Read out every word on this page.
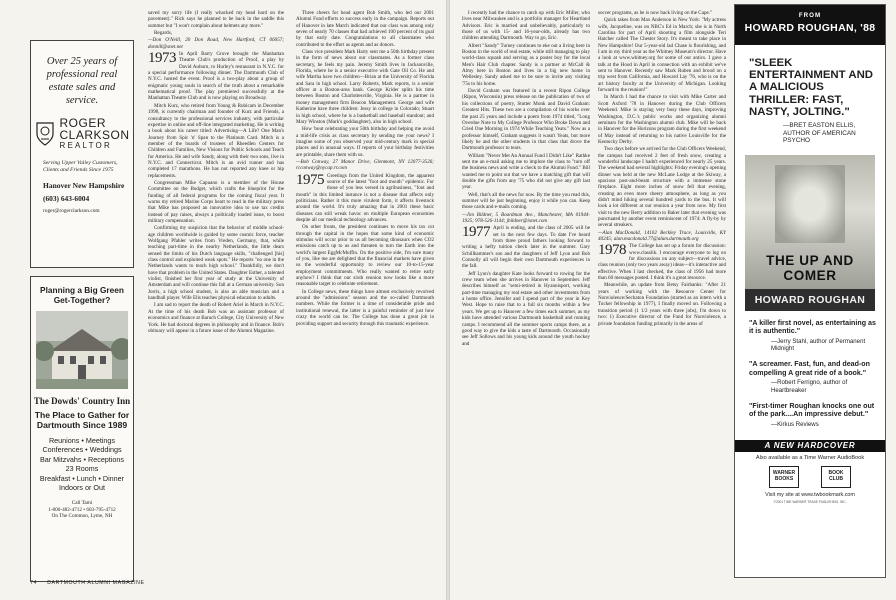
Over 25 years of professional real estate sales and service.
ROGER
CLARKSON
REALTOR
Serving Upper Valley Customers, Clients and Friends Since 1975
Hanover New Hampshire
(603) 643-6004
roger@rogerclarkson.com
Planning a Big Green Get-Together?
The Dowds' Country Inn
The Place to Gather for Dartmouth Since 1989
Reunions • Meetings
Conferences • Weddings
Bar Mitzvahs • Receptions
23 Rooms
Breakfast • Lunch • Dinner
Indoors or Out
Call Tami
1-800-482-4712 • 603-795-4712
On The Common, Lyme, NH

saved my sorry life (I really whacked my head hard on the pavement)." Rick says he planned to be back in the saddle this summer but "I won't complain about helmets any more."

Regards,

—Don O'Neill, 20 Don Road, New Hartford, CT 06057; donnill@snet.net

1973 In April Barry Grove brought the Manhattan Theatre Club's production of Proof, a play by David Auburn, to Hurley's restaurant in N.Y.C. for a special performance following dinner. The Dartmouth Club of N.Y.C. hosted the event. Proof is a two-play about a group of enigmatic young souls in search of the truth about a remarkable mathematical proof. The play premiered successfully at the Manhattan Theatre Club and is now playing on Broadway.

Mitch Kurz, who retired from Young & Rubicam in December 1998, is currently chairman and founder of Kurz and Friends, a consultancy to the professional services industry, with particular expertise in online and off-line integrated marketing. He is writing a book about his career titled: Advertising—A Life? One Man's Journey from Spic 'n' Span to the Platinum Card. Mitch is a member of the boards of trustees of Rheedlen Centers for Children and Families, New Visions for Public Schools and Teach for America. He and wife Sandy, along with their two sons, live in N.Y.C. and Connecticut. Mitch is an avid runner and has completed 17 marathons. He has not reported any knee or hip replacements.

Congressman Mike Capuano is a member of the House Committee on the Budget, which crafts the blueprint for the funding of all federal programs for the coming fiscal year. It warns my retired Marine Corps heart to read in the military press that Mike has proposed an innovative idea to use tax credits instead of pay raises, always a politically loaded issue, to boost military compensation.

Confirming my suspicion that the behavior of middle school-age children worldwide is guided by some cosmic force, teacher Wolfgang Pfahler writes from Vreden, Germany, that, while teaching part-time in the nearby Netherlands, the little dears sensed the limits of his Dutch language skills, "challenged [his] class control and exploited weak spots." He reports "no one in the Netherlands wants to teach high school." Thankfully, we don't have that problem in the United States. Daughter Esther, a talented violist, finished her first year of study at the University of Amsterdam and will continue this fall at a German university. Son Jorris, a high school student, is also an able musician and a handball player. Wife Elis teaches physical education to adults.

I am sad to report the death of Robert Ariel in March in N.Y.C. At the time of his death Bob was an assistant professor of economics and finance at Baruch College, City University of New York. He had doctoral degrees in philosophy and in finance. Bob's obituary will appear in a future issue of the Alumni Magazine.

Three cheers for head agent Bob Smith, who led our 2001 Alumni Fund efforts to success early in the campaign. Reports out of Hanover in late March indicated that our class was among only seven of nearly 70 classes that had achieved 100 percent of its goal by that early date. Congratulations to all classmates who contributed to the effort as agents and as donors.

Class vice president Mark Harty sent me a 50th birthday present in the form of news about our classmates. As a former class secretary, he feels my pain. Jeremy Smith lives in Jacksonville, Florida, where he is a senior executive with Gate Oil Co. He and wife Martha have two children—Brian at the University of Florida and Sara in high school. Larry Roberts, Mark reports, is a senior officer at a Boston-area bank. George Krider splits his time between Boston and Charlottesville, Virginia. He is a partner in money management firm Beacon Management. George and wife Katherine have three children: Jessy in college in Colorado; Stuart in high school, where he is a basketball and baseball standout; and Mary Winston (Mark's goddaughter), also in high school.

How 'bout celebrating your 50th birthday and helping me avoid a mid-life crisis as class secretary by sending me your news? I imagine some of you observed your mid-century mark in special places and in unusual ways. If reports of your birthday festivities are printable, share them with us.

—Bob Conway, 27 Manor Drive, Glenmont, NY 12077-3526; rcconway@nycap.rr.com

1975 Greetings from the United Kingdom, the apparent source of the latest "foot and mouth" epidemic. For those of you less versed in agribusiness, "foot and mouth" in this limited instance is not a disease that affects only politicians. Rather it this more virulent form, it affects livestock around the world. It's truly amazing that in 2001 these basic diseases can still wreak havoc on multiple European economies despite all our medical technology advances.

On other fronts, the president continues to move his tax cut through the capital in the hopes that some kind of economic stimulus will occur prior to us all becoming dinosaurs when CO2 emissions catch up to us and threaten to turn the Earth into the world's largest EggMcMuffin. On the positive side, I'm sure many of you, like me are delighted that the financial markets have given us the wonderful opportunity to review our 10-to-15-year employment commitments. Who really wanted to retire early anyhow? I think that our sixth reunion now looks like a more reasonable target to celebrate retirement.

In College news, these things have almost exclusively revolved around the "admissions" season and the so-called Dartmouth numbers. While the former is a time of considerable pride and institutional renewal, the latter is a painful reminder of just how crazy the world can be. The College has done a great job in providing support and security through this traumatic experience.

74 DARTMOUTH ALUMNI MAGAZINE

I recently had the chance to catch up with Eric Miller, who lives near Milwaukee and is a portfolio manager for Heartland Advisors. Eric is married and unbelievably, particularly to those of us with 15- and 16-year-olds, already has two children attending Dartmouth. Way to go, Eric.

Albert "Sandy" Turney continues to eke out a living here in Boston in the world of real estate, while still managing to play world-class squash and serving as a poster boy for the local Men's Hair Club chapter. Sandy is a partner at McCall & Almy here in Boston and lives in a big new home in Wellesley. Sandy asked me to be sure to invite any visiting '75s to his home.

David Graham was featured in a recent Ripon College (Ripon, Wisconsin) press release on the publication of two of his collections of poetry, Stutter Monk and David Graham: Greatest Hits. These two are a compilation of his works over the past 25 years and include a poem from 1974 titled, "Long Overdue Note to My College Professor Who Broke Down and Cried One Morning in 1974 While Teaching Yeats." Now as a professor himself, Graham suggests it wasn't Yeats, but more likely he and the other students in that class that drove the Dartmouth professor to tears.

William "Never Met An Annual Fund I Didn't Like" Rathke sent me an e-mail asking me to implore the class to "turn off the business news and write a check to the Alumni Fund." Bill wanted me to point out that we have a matching gift that will double the gifts from any '75 who did not give any gift last year.

Well, that's all the news for now. By the time you read this, summer will be just beginning, enjoy it while you can. Keep those cards and e-mails coming.

—Jim Bildner, 5 Boardman Ave., Manchester, MA 01944-1925; 978-526-1144; jbildner@ixnet.com

1977 April is ending, and the class of 2005 will be set in the next few days. To date I've heard from three proud fathers looking forward to writing a hefty tuition check later in the summer. Gary Schillhammer's son and the daughters of Jeff Lyon and Bob Connolly all will begin their own Dartmouth experiences in the fall.

Jeff Lyon's daughter Kate looks forward to rowing for the crew team when she arrives in Hanover in September. Jeff describes himself as "semi-retired in Hyannisport, working part-time managing my real estate and other investments from a home office. Jennifer and I spend part of the year in Key West. Hope to raise that to a full six months within a few years. We get up to Hanover a few times each summer, as my kids have attended various Dartmouth basketball and running camps. I recommend all the summer sports camps there, as a good way to give the kids a taste of Dartmouth. Occasionally see Jeff Sollows and his young kids around the youth hockey and

soccer programs, as he is now back living on the Cape."

Quick takes from Max Anderson in New York: "My actress wife, Jacqueline, was on NBC's Ed in March; she is in North Carolina for part of April shooting a film alongside Teri Hatcher called The Chester Story. It's meant to take place in New Hampshire! Our 5-year-old lad Chase is flourishing, and I am in my third year as the Whitney Museum's director. Have a look at www.whitney.org for some of our antics. I gave a talk at the Hood in April in connection with an exhibit we've sent to Hanover. Recently saw Mark Ruben and brood on a trip west from California, and Howard Lay '76, who is on the art history faculty at the University of Michigan. Looking forward to the reunion!"

In March I had the chance to visit with Mike Carter and Scott Axford '78 in Hanover during the Club Officers Weekend. Mike is staying very busy these days, improving Washington, D.C.'s public works and organizing alumni seminars for the Washington alumni club. Mike will be back in Hanover for the Horizons program during the first weekend of May instead of returning to his native Louisville for the Kentucky Derby.

Two days before we arrived for the Club Officers Weekend, the campus had received 2 feet of fresh snow, creating a wonderful landscape I hadn't experienced for nearly 25 years. The weekend had several highlights: Friday evening's opening dinner was held at the new McLane Lodge at the Skiway, a spacious post-and-beam structure with a immense stone fireplace. Eight more inches of snow fell that evening, creating an even more cheery atmosphere, as long as you didn't mind hiking several hundred yards to the bus. It will look a lot different at our reunion a year from now. My first visit to the new Berry addition to Baker later that evening was punctuated by another event reminiscent of 1974: A fly-by by several streakers.

—Alan MacDonald, 14102 Beckley Trace, Louisville, KY 40245; alan.macdonald.77@alum.dartmouth.org

1978 The College has set up a forum for discussion: www.classlik. I encourage everyone to log on for discussions on any subject—travel advice, class reunion (only two years away) ideas—it's interactive and effective. When I last checked, the class of 1956 had more than 60 messages posted. I think it's a great resource.

Meanwhile, an update from Betsy Fairbanks: "After 21 years of working with the Resource Center for Nonviolence/Sechaton Foundation (started as an intern with a Tucker fellowship in 1977), I finally moved on. Following a transition period (1 1/2 years with three jobs), I'm down to two: 1) Executive director of the Fund for Nonviolence, a private foundation funding primarily in the areas of

FROM
HOWARD ROUGHAN, '88
"SLEEK ENTERTAINMENT AND A MALICIOUS THRILLER: FAST, NASTY, JOLTING."
—BRET EASTON ELLIS, AUTHOR OF AMERICAN PSYCHO
THE UP AND COMER
HOWARD ROUGHAN
"A killer first novel, as entertaining as it is authentic."
—Jerry Stahl, author of Permanent Midnight
"A screamer. Fast, fun, and dead-on compelling A great ride of a book."
—Robert Ferrigno, author of Heartbreaker
"First-timer Roughan knocks one out of the park....An impressive debut."
—Kirkus Reviews
A NEW HARDCOVER
Also available as a Time Warner AudioBook
WARNER BOOKS
BOOK CLUB
Visit my site at www.twbookmark.com
©2001 TIME WARNER TRADE PUBLISHING, INC.
